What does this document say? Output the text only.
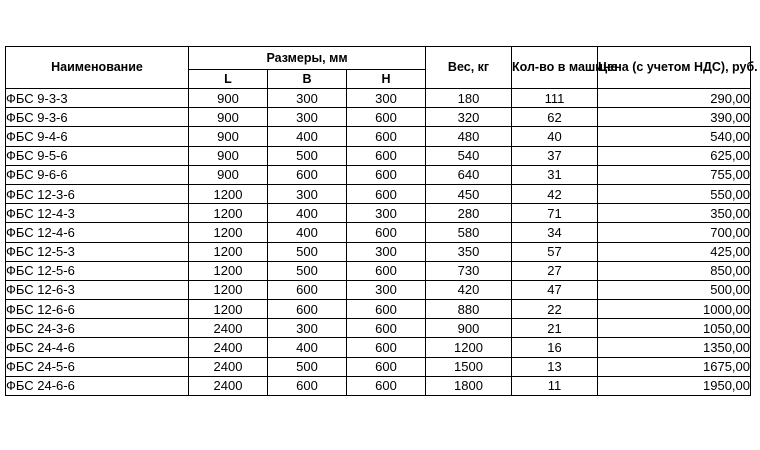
Наименование	Размеры, мм			Вес, кг	Кол-во в машине	Цена (с учетом НДС), руб.
	L	B	H			
ФБС 9-3-3	900	300	300	180	111	290,00
ФБС 9-3-6	900	300	600	320	62	390,00
ФБС 9-4-6	900	400	600	480	40	540,00
ФБС 9-5-6	900	500	600	540	37	625,00
ФБС 9-6-6	900	600	600	640	31	755,00
ФБС 12-3-6	1200	300	600	450	42	550,00
ФБС 12-4-3	1200	400	300	280	71	350,00
ФБС 12-4-6	1200	400	600	580	34	700,00
ФБС 12-5-3	1200	500	300	350	57	425,00
ФБС 12-5-6	1200	500	600	730	27	850,00
ФБС 12-6-3	1200	600	300	420	47	500,00
ФБС 12-6-6	1200	600	600	880	22	1000,00
ФБС 24-3-6	2400	300	600	900	21	1050,00
ФБС 24-4-6	2400	400	600	1200	16	1350,00
ФБС 24-5-6	2400	500	600	1500	13	1675,00
ФБС 24-6-6	2400	600	600	1800	11	1950,00
